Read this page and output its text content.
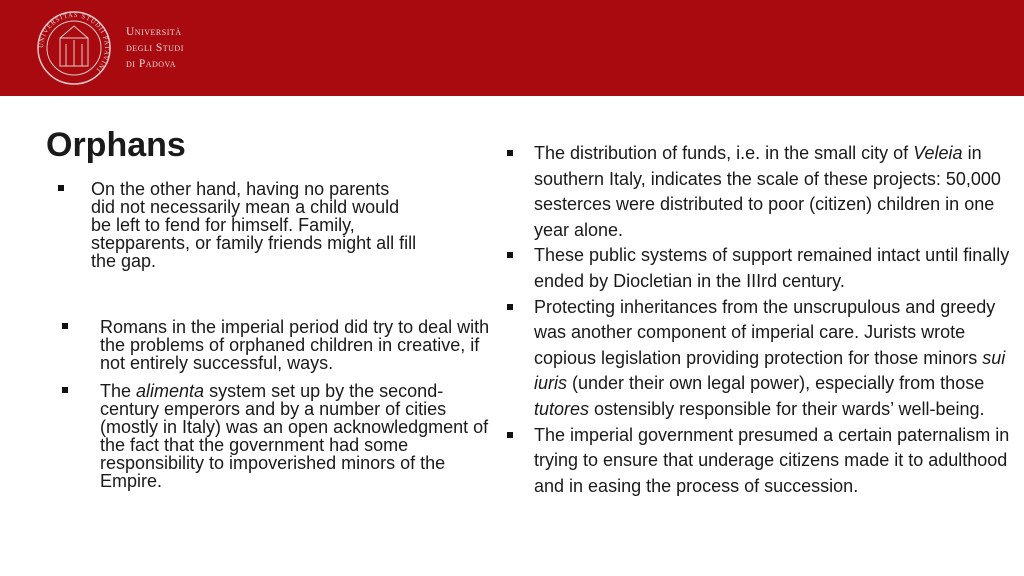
UNIVERSITAS STUDII PATAVINI
Università
degli Studi
di Padova
Orphans
On the other hand, having no parents did not necessarily mean a child would be left to fend for himself. Family, stepparents, or family friends might all fill the gap.
Romans in the imperial period did try to deal with the problems of orphaned children in creative, if not entirely successful, ways.
The alimenta system set up by the second-century emperors and by a number of cities (mostly in Italy) was an open acknowledgment of the fact that the government had some responsibility to impoverished minors of the Empire.
The distribution of funds, i.e. in the small city of Veleia in southern Italy, indicates the scale of these projects: 50,000 sesterces were distributed to poor (citizen) children in one year alone.
These public systems of support remained intact until finally ended by Diocletian in the IIIrd century.
Protecting inheritances from the unscrupulous and greedy was another component of imperial care. Jurists wrote copious legislation providing protection for those minors sui iuris (under their own legal power), especially from those tutores ostensibly responsible for their wards’ well-being.
The imperial government presumed a certain paternalism in trying to ensure that underage citizens made it to adulthood and in easing the process of succession.
